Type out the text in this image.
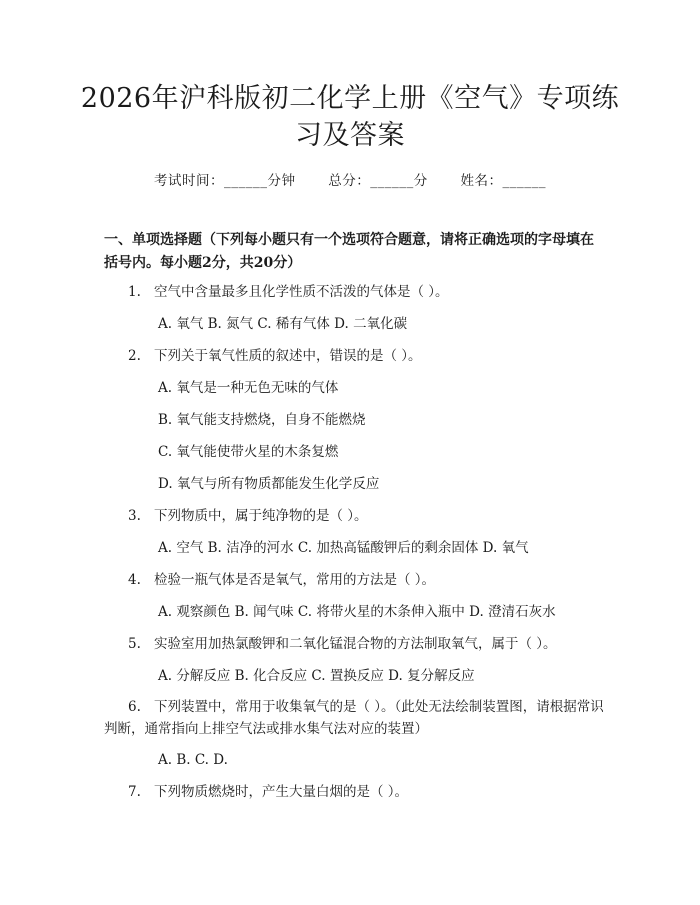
2026年沪科版初二化学上册《空气》专项练习及答案
考试时间：______分钟 总分：______分 姓名：______
一、单项选择题（下列每小题只有一个选项符合题意，请将正确选项的字母填在括号内。每小题2分，共20分）
1. 空气中含量最多且化学性质不活泼的气体是（ ）。
A. 氧气 B. 氮气 C. 稀有气体 D. 二氧化碳
2. 下列关于氧气性质的叙述中，错误的是（ ）。
A. 氧气是一种无色无味的气体
B. 氧气能支持燃烧，自身不能燃烧
C. 氧气能使带火星的木条复燃
D. 氧气与所有物质都能发生化学反应
3. 下列物质中，属于纯净物的是（ ）。
A. 空气 B. 洁净的河水 C. 加热高锰酸钾后的剩余固体 D. 氧气
4. 检验一瓶气体是否是氧气，常用的方法是（ ）。
A. 观察颜色 B. 闻气味 C. 将带火星的木条伸入瓶中 D. 澄清石灰水
5. 实验室用加热氯酸钾和二氧化锰混合物的方法制取氧气，属于（ ）。
A. 分解反应 B. 化合反应 C. 置换反应 D. 复分解反应
6. 下列装置中，常用于收集氧气的是（ ）。（此处无法绘制装置图，请根据常识判断，通常指向上排空气法或排水集气法对应的装置）
A. B. C. D.
7. 下列物质燃烧时，产生大量白烟的是（ ）。
